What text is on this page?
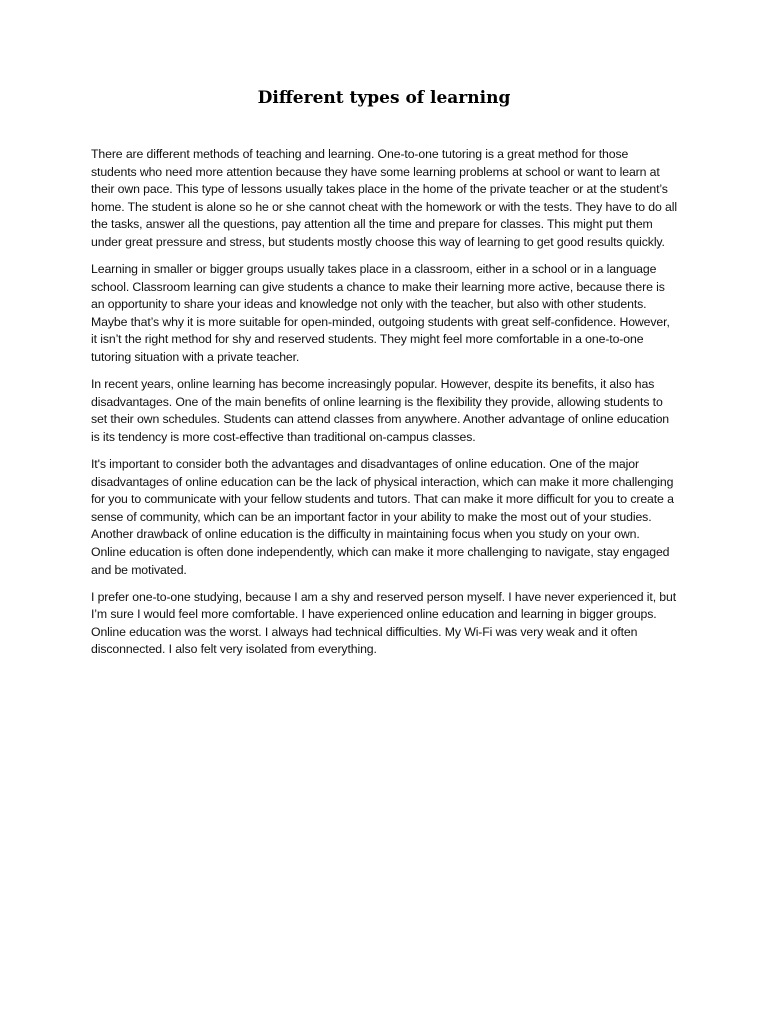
Different types of learning

There are different methods of teaching and learning. One-to-one tutoring is a great method for those students who need more attention because they have some learning problems at school or want to learn at their own pace. This type of lessons usually takes place in the home of the private teacher or at the student’s home. The student is alone so he or she cannot cheat with the homework or with the tests. They have to do all the tasks, answer all the questions, pay attention all the time and prepare for classes. This might put them under great pressure and stress, but students mostly choose this way of learning to get good results quickly.

Learning in smaller or bigger groups usually takes place in a classroom, either in a school or in a language school. Classroom learning can give students a chance to make their learning more active, because there is an opportunity to share your ideas and knowledge not only with the teacher, but also with other students. Maybe that’s why it is more suitable for open-minded, outgoing students with great self-confidence. However, it isn’t the right method for shy and reserved students. They might feel more comfortable in a one-to-one tutoring situation with a private teacher.

In recent years, online learning has become increasingly popular. However, despite its benefits, it also has disadvantages. One of the main benefits of online learning is the flexibility they provide, allowing students to set their own schedules. Students can attend classes from anywhere. Another advantage of online education is its tendency is more cost-effective than traditional on-campus classes.

It's important to consider both the advantages and disadvantages of online education. One of the major disadvantages of online education can be the lack of physical interaction, which can make it more challenging for you to communicate with your fellow students and tutors. That can make it more difficult for you to create a sense of community, which can be an important factor in your ability to make the most out of your studies. Another drawback of online education is the difficulty in maintaining focus when you study on your own. Online education is often done independently, which can make it more challenging to navigate, stay engaged and be motivated.

I prefer one-to-one studying, because I am a shy and reserved person myself. I have never experienced it, but I’m sure I would feel more comfortable. I have experienced online education and learning in bigger groups. Online education was the worst. I always had technical difficulties. My Wi-Fi was very weak and it often disconnected. I also felt very isolated from everything.
